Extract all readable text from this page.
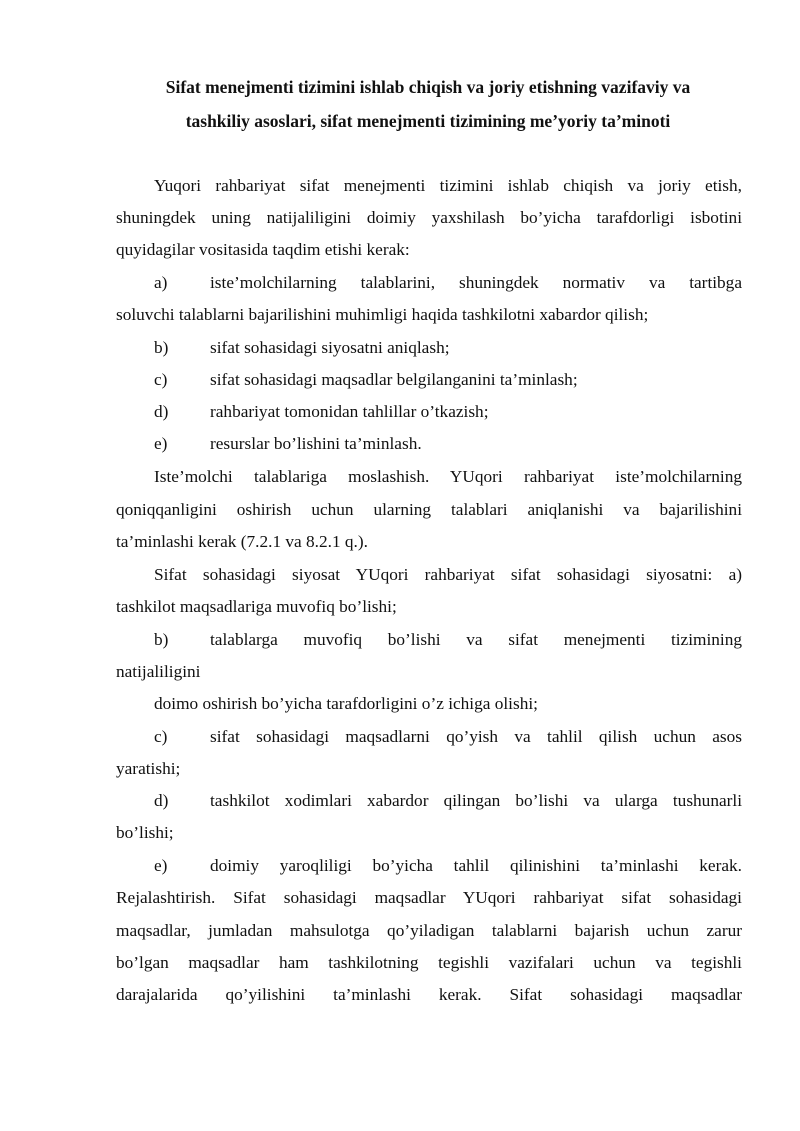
Sifat menejmenti tizimini ishlab chiqish va joriy etishning vazifaviy va
tashkiliy asoslari, sifat menejmenti tizimining me’yoriy ta’minoti
Yuqori rahbariyat sifat menejmenti tizimini ishlab chiqish va joriy etish,
shuningdek uning natijaliligini doimiy yaxshilash bo’yicha tarafdorligi isbotini
quyidagilar vositasida taqdim etishi kerak:
a) iste’molchilarning talablarini, shuningdek normativ va tartibga
soluvchi talablarni bajarilishini muhimligi haqida tashkilotni xabardor qilish;
b) sifat sohasidagi siyosatni aniqlash;
c) sifat sohasidagi maqsadlar belgilanganini ta’minlash;
d) rahbariyat tomonidan tahlillar o’tkazish;
e) resurslar bo’lishini ta’minlash.
Iste’molchi talablariga moslashish. YUqori rahbariyat iste’molchilarning
qoniqqanligini oshirish uchun ularning talablari aniqlanishi va bajarilishini
ta’minlashi kerak (7.2.1 va 8.2.1 q.).
Sifat sohasidagi siyosat YUqori rahbariyat sifat sohasidagi siyosatni: a)
tashkilot maqsadlariga muvofiq bo’lishi;
b) talablarga muvofiq bo’lishi va sifat menejmenti tizimining
natijaliligini
doimo oshirish bo’yicha tarafdorligini o’z ichiga olishi;
c) sifat sohasidagi maqsadlarni qo’yish va tahlil qilish uchun asos
yaratishi;
d) tashkilot xodimlari xabardor qilingan bo’lishi va ularga tushunarli
bo’lishi;
e) doimiy yaroqliligi bo’yicha tahlil qilinishini ta’minlashi kerak.
Rejalashtirish. Sifat sohasidagi maqsadlar YUqori rahbariyat sifat sohasidagi
maqsadlar, jumladan mahsulotga qo’yiladigan talablarni bajarish uchun zarur
bo’lgan maqsadlar ham tashkilotning tegishli vazifalari uchun va tegishli
darajalarida qo’yilishini ta’minlashi kerak. Sifat sohasidagi maqsadlar
